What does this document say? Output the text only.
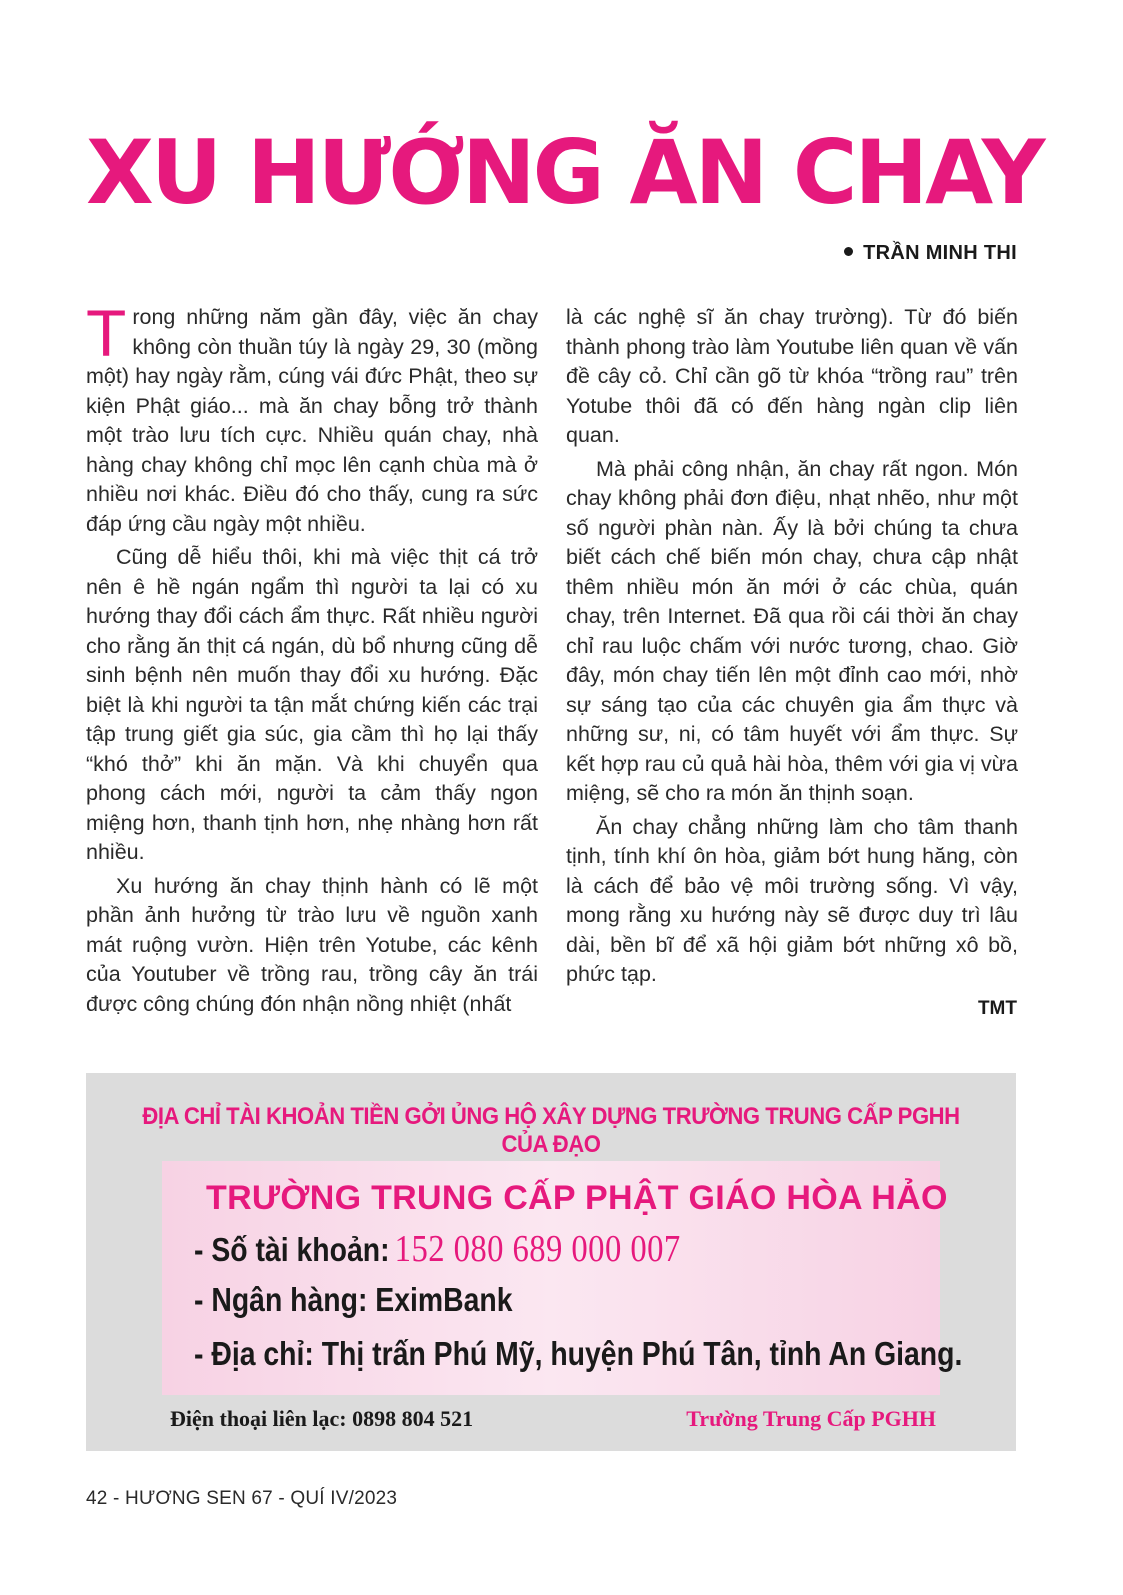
XU HƯỚNG ĂN CHAY
TRẦN MINH THI

Trong những năm gần đây, việc ăn chay không còn thuần túy là ngày 29, 30 (mồng một) hay ngày rằm, cúng vái đức Phật, theo sự kiện Phật giáo... mà ăn chay bỗng trở thành một trào lưu tích cực. Nhiều quán chay, nhà hàng chay không chỉ mọc lên cạnh chùa mà ở nhiều nơi khác. Điều đó cho thấy, cung ra sức đáp ứng cầu ngày một nhiều.

Cũng dễ hiểu thôi, khi mà việc thịt cá trở nên ê hề ngán ngẩm thì người ta lại có xu hướng thay đổi cách ẩm thực. Rất nhiều người cho rằng ăn thịt cá ngán, dù bổ nhưng cũng dễ sinh bệnh nên muốn thay đổi xu hướng. Đặc biệt là khi người ta tận mắt chứng kiến các trại tập trung giết gia súc, gia cầm thì họ lại thấy “khó thở” khi ăn mặn. Và khi chuyển qua phong cách mới, người ta cảm thấy ngon miệng hơn, thanh tịnh hơn, nhẹ nhàng hơn rất nhiều.

Xu hướng ăn chay thịnh hành có lẽ một phần ảnh hưởng từ trào lưu về nguồn xanh mát ruộng vườn. Hiện trên Yotube, các kênh của Youtuber về trồng rau, trồng cây ăn trái được công chúng đón nhận nồng nhiệt (nhất

là các nghệ sĩ ăn chay trường). Từ đó biến thành phong trào làm Youtube liên quan về vấn đề cây cỏ. Chỉ cần gõ từ khóa “trồng rau” trên Yotube thôi đã có đến hàng ngàn clip liên quan.

Mà phải công nhận, ăn chay rất ngon. Món chay không phải đơn điệu, nhạt nhẽo, như một số người phàn nàn. Ấy là bởi chúng ta chưa biết cách chế biến món chay, chưa cập nhật thêm nhiều món ăn mới ở các chùa, quán chay, trên Internet. Đã qua rồi cái thời ăn chay chỉ rau luộc chấm với nước tương, chao. Giờ đây, món chay tiến lên một đỉnh cao mới, nhờ sự sáng tạo của các chuyên gia ẩm thực và những sư, ni, có tâm huyết với ẩm thực. Sự kết hợp rau củ quả hài hòa, thêm với gia vị vừa miệng, sẽ cho ra món ăn thịnh soạn.

Ăn chay chẳng những làm cho tâm thanh tịnh, tính khí ôn hòa, giảm bớt hung hăng, còn là cách để bảo vệ môi trường sống. Vì vậy, mong rằng xu hướng này sẽ được duy trì lâu dài, bền bĩ để xã hội giảm bớt những xô bồ, phức tạp.

TMT
ĐỊA CHỈ TÀI KHOẢN TIỀN GỞI ỦNG HỘ XÂY DỰNG TRƯỜNG TRUNG CẤP PGHH CỦA ĐẠO
TRƯỜNG TRUNG CẤP PHẬT GIÁO HÒA HẢO
- Số tài khoản: 152 080 689 000 007
- Ngân hàng: EximBank
- Địa chỉ: Thị trấn Phú Mỹ, huyện Phú Tân, tỉnh An Giang.
Điện thoại liên lạc: 0898 804 521	Trường Trung Cấp PGHH
42 - HƯƠNG SEN 67 - QUÍ IV/2023
